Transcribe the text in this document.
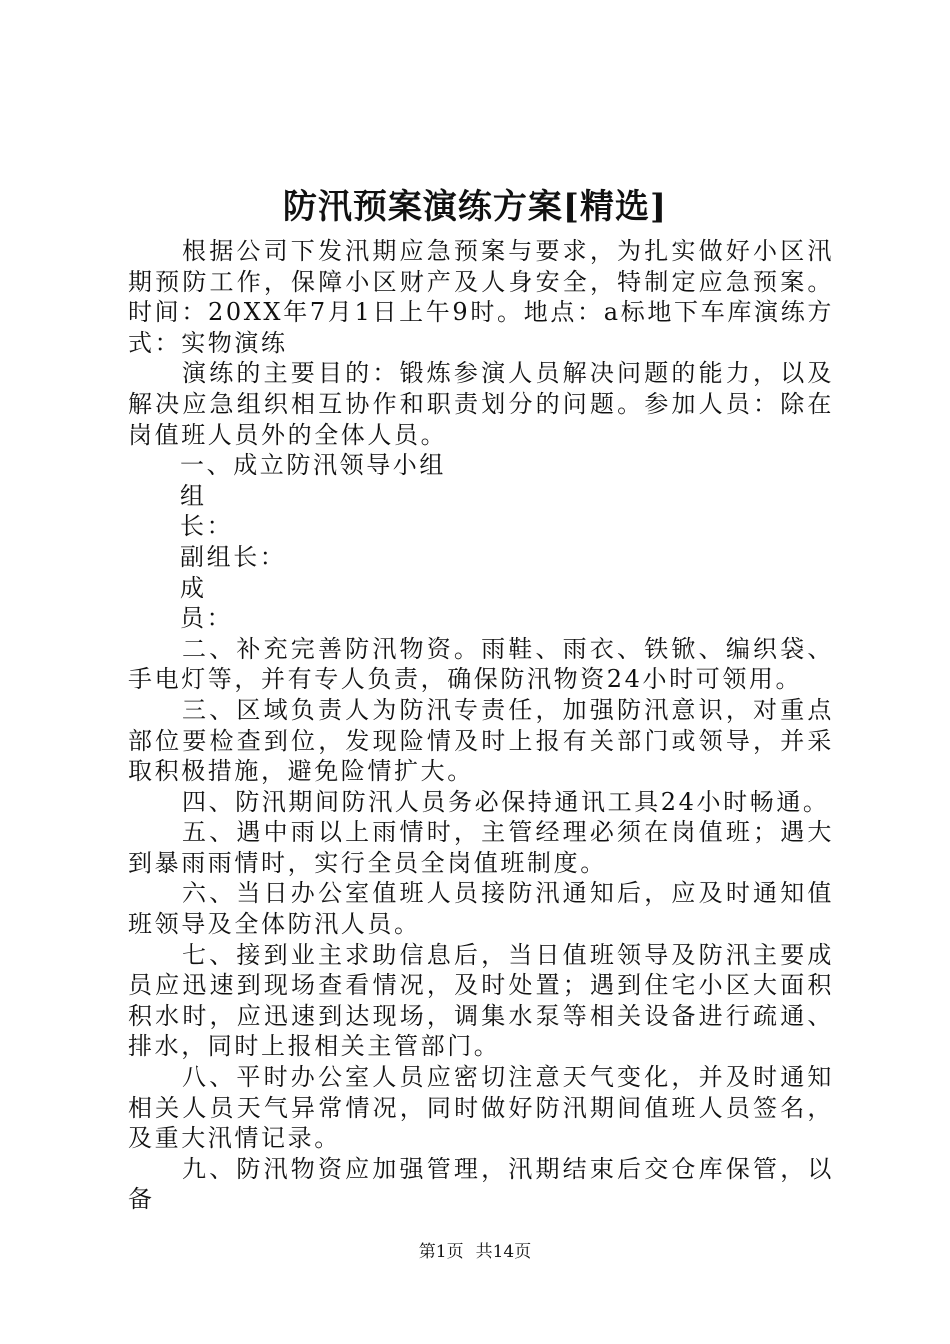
防汛预案演练方案[精选]

根据公司下发汛期应急预案与要求，为扎实做好小区汛期预防工作，保障小区财产及人身安全，特制定应急预案。时间：20XX年7月1日上午9时。地点：a标地下车库演练方式：实物演练

演练的主要目的：锻炼参演人员解决问题的能力，以及解决应急组织相互协作和职责划分的问题。参加人员：除在岗值班人员外的全体人员。

一、成立防汛领导小组

组长：

副组长：

成员：

二、补充完善防汛物资。雨鞋、雨衣、铁锨、编织袋、手电灯等，并有专人负责，确保防汛物资24小时可领用。

三、区域负责人为防汛专责任，加强防汛意识，对重点部位要检查到位，发现险情及时上报有关部门或领导，并采取积极措施，避免险情扩大。

四、防汛期间防汛人员务必保持通讯工具24小时畅通。

五、遇中雨以上雨情时，主管经理必须在岗值班；遇大到暴雨雨情时，实行全员全岗值班制度。

六、当日办公室值班人员接防汛通知后，应及时通知值班领导及全体防汛人员。

七、接到业主求助信息后，当日值班领导及防汛主要成员应迅速到现场查看情况，及时处置；遇到住宅小区大面积积水时，应迅速到达现场，调集水泵等相关设备进行疏通、排水，同时上报相关主管部门。

八、平时办公室人员应密切注意天气变化，并及时通知相关人员天气异常情况，同时做好防汛期间值班人员签名，及重大汛情记录。

九、防汛物资应加强管理，汛期结束后交仓库保管，以备

第1页 共14页
